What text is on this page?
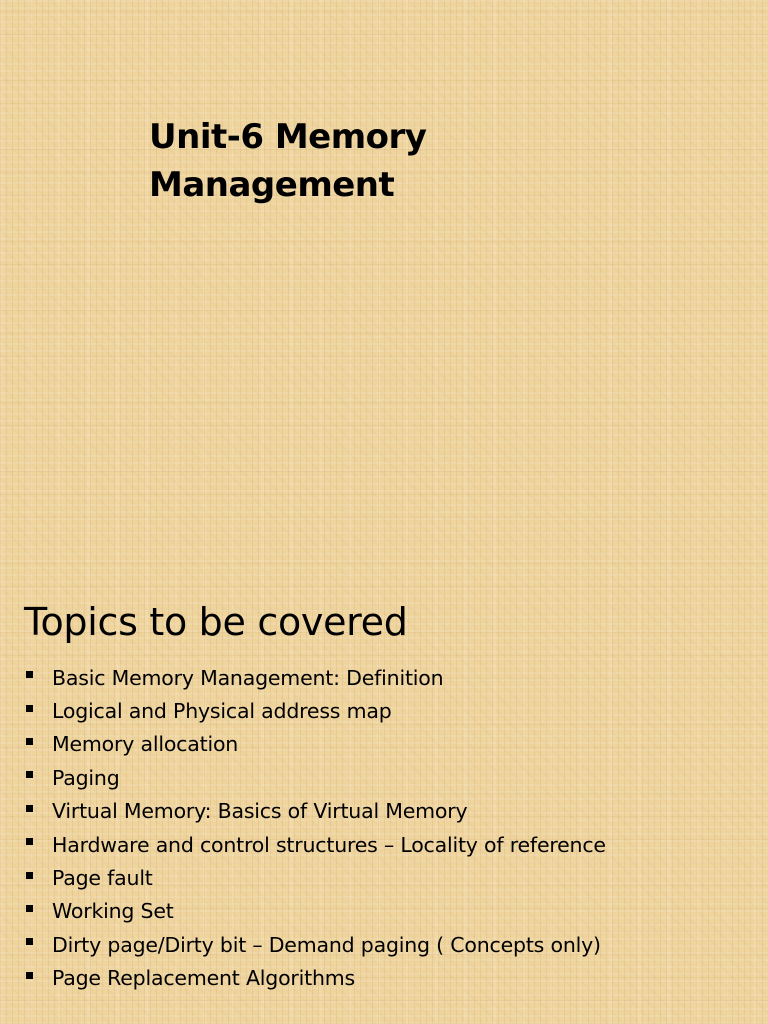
Unit-6 Memory
Management
Topics to be covered
Basic Memory Management: Definition
Logical and Physical address map
Memory allocation
Paging
Virtual Memory: Basics of Virtual Memory
Hardware and control structures – Locality of reference
Page fault
Working Set
Dirty page/Dirty bit – Demand paging ( Concepts only)
Page Replacement Algorithms
